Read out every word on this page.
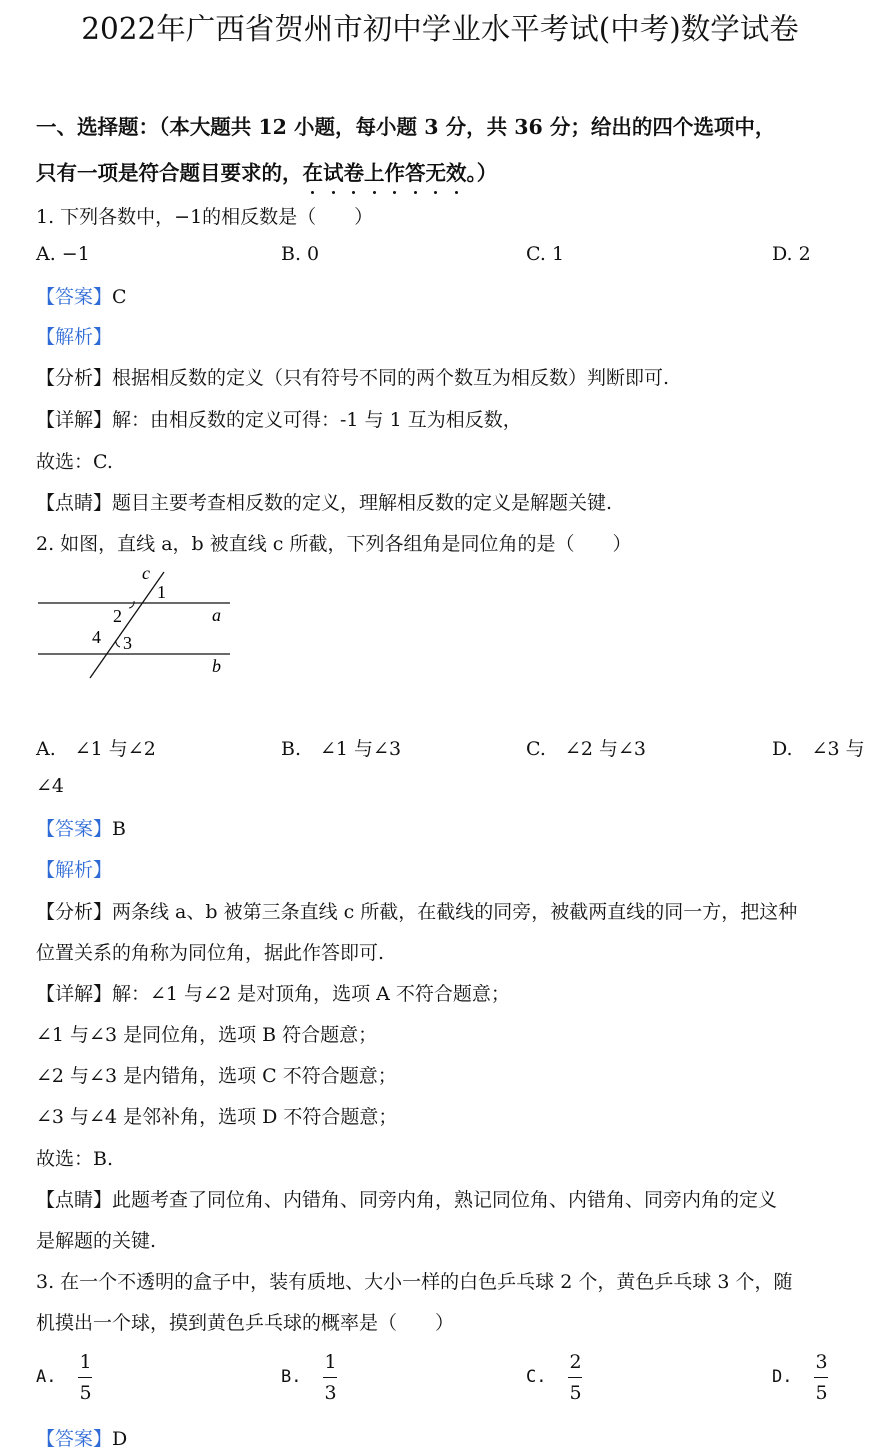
2022年广西省贺州市初中学业水平考试(中考)数学试卷
一、选择题：（本大题共 12 小题，每小题 3 分，共 36 分；给出的四个选项中，
只有一项是符合题目要求的，在试卷上作答无效。）
1. 下列各数中，−1的相反数是（　　）
A. −1	B. 0	C. 1	D. 2
【答案】C
【解析】
【分析】根据相反数的定义（只有符号不同的两个数互为相反数）判断即可.
【详解】解：由相反数的定义可得：-1 与 1 互为相反数，
故选：C.
【点睛】题目主要考查相反数的定义，理解相反数的定义是解题关键.
2. 如图，直线 a，b 被直线 c 所截，下列各组角是同位角的是（　　）
c
1
a
2
4 3
b
A.　∠1 与∠2	B.　∠1 与∠3	C.　∠2 与∠3	D.　∠3 与
∠4
【答案】B
【解析】
【分析】两条线 a、b 被第三条直线 c 所截，在截线的同旁，被截两直线的同一方，把这种
位置关系的角称为同位角，据此作答即可.
【详解】解：∠1 与∠2 是对顶角，选项 A 不符合题意；
∠1 与∠3 是同位角，选项 B 符合题意；
∠2 与∠3 是内错角，选项 C 不符合题意；
∠3 与∠4 是邻补角，选项 D 不符合题意；
故选：B.
【点睛】此题考查了同位角、内错角、同旁内角，熟记同位角、内错角、同旁内角的定义
是解题的关键.
3. 在一个不透明的盒子中，装有质地、大小一样的白色乒乓球 2 个，黄色乒乓球 3 个，随
机摸出一个球，摸到黄色乒乓球的概率是（　　）
A. $\frac{1}{5}$	B. $\frac{1}{3}$	C. $\frac{2}{5}$	D. $\frac{3}{5}$
【答案】D
